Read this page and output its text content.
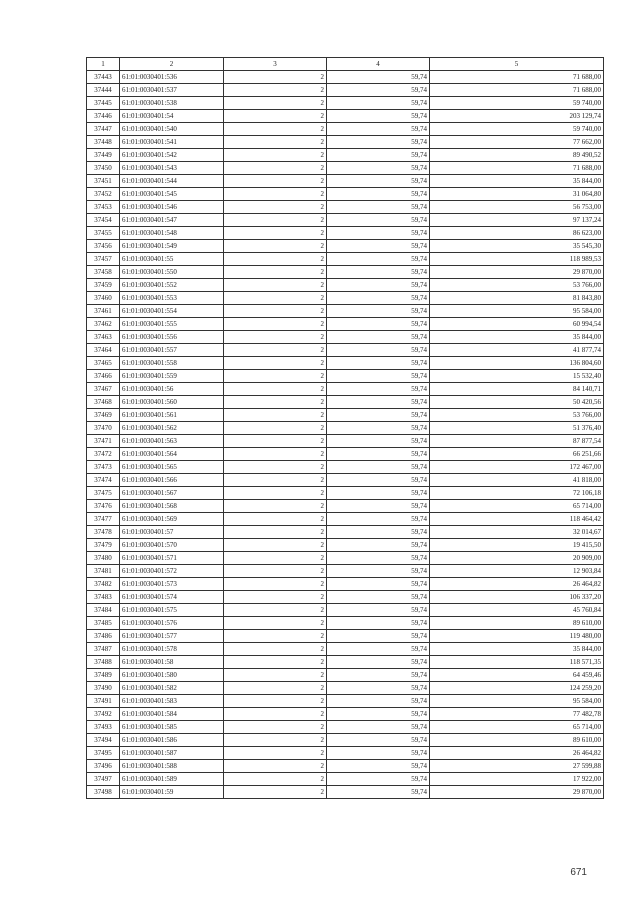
1	2	3	4	5
37443	61:01:0030401:536	2	59,74	71 688,00
37444	61:01:0030401:537	2	59,74	71 688,00
37445	61:01:0030401:538	2	59,74	59 740,00
37446	61:01:0030401:54	2	59,74	203 129,74
37447	61:01:0030401:540	2	59,74	59 740,00
37448	61:01:0030401:541	2	59,74	77 662,00
37449	61:01:0030401:542	2	59,74	89 490,52
37450	61:01:0030401:543	2	59,74	71 688,00
37451	61:01:0030401:544	2	59,74	35 844,00
37452	61:01:0030401:545	2	59,74	31 064,80
37453	61:01:0030401:546	2	59,74	56 753,00
37454	61:01:0030401:547	2	59,74	97 137,24
37455	61:01:0030401:548	2	59,74	86 623,00
37456	61:01:0030401:549	2	59,74	35 545,30
37457	61:01:0030401:55	2	59,74	118 989,53
37458	61:01:0030401:550	2	59,74	29 870,00
37459	61:01:0030401:552	2	59,74	53 766,00
37460	61:01:0030401:553	2	59,74	81 843,80
37461	61:01:0030401:554	2	59,74	95 584,00
37462	61:01:0030401:555	2	59,74	60 994,54
37463	61:01:0030401:556	2	59,74	35 844,00
37464	61:01:0030401:557	2	59,74	41 877,74
37465	61:01:0030401:558	2	59,74	136 804,60
37466	61:01:0030401:559	2	59,74	15 532,40
37467	61:01:0030401:56	2	59,74	84 140,71
37468	61:01:0030401:560	2	59,74	50 420,56
37469	61:01:0030401:561	2	59,74	53 766,00
37470	61:01:0030401:562	2	59,74	51 376,40
37471	61:01:0030401:563	2	59,74	87 877,54
37472	61:01:0030401:564	2	59,74	66 251,66
37473	61:01:0030401:565	2	59,74	172 467,00
37474	61:01:0030401:566	2	59,74	41 818,00
37475	61:01:0030401:567	2	59,74	72 106,18
37476	61:01:0030401:568	2	59,74	65 714,00
37477	61:01:0030401:569	2	59,74	118 464,42
37478	61:01:0030401:57	2	59,74	32 014,67
37479	61:01:0030401:570	2	59,74	19 415,50
37480	61:01:0030401:571	2	59,74	20 909,00
37481	61:01:0030401:572	2	59,74	12 903,84
37482	61:01:0030401:573	2	59,74	26 464,82
37483	61:01:0030401:574	2	59,74	106 337,20
37484	61:01:0030401:575	2	59,74	45 760,84
37485	61:01:0030401:576	2	59,74	89 610,00
37486	61:01:0030401:577	2	59,74	119 480,00
37487	61:01:0030401:578	2	59,74	35 844,00
37488	61:01:0030401:58	2	59,74	118 571,35
37489	61:01:0030401:580	2	59,74	64 459,46
37490	61:01:0030401:582	2	59,74	124 259,20
37491	61:01:0030401:583	2	59,74	95 584,00
37492	61:01:0030401:584	2	59,74	77 482,78
37493	61:01:0030401:585	2	59,74	65 714,00
37494	61:01:0030401:586	2	59,74	89 610,00
37495	61:01:0030401:587	2	59,74	26 464,82
37496	61:01:0030401:588	2	59,74	27 599,88
37497	61:01:0030401:589	2	59,74	17 922,00
37498	61:01:0030401:59	2	59,74	29 870,00
671
